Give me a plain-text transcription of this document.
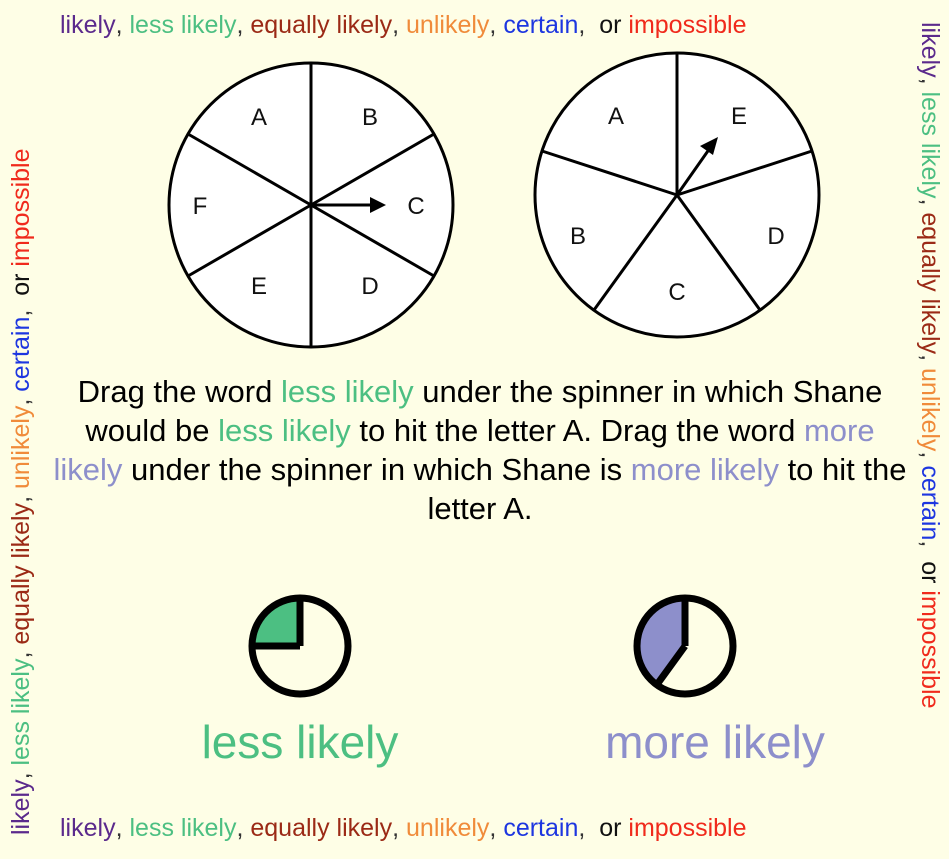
likely, less likely, equally likely, unlikely, certain,  or impossible
likely, less likely, equally likely, unlikely, certain,  or impossible
likely, less likely, equally likely, unlikely, certain,  or impossible
likely, less likely, equally likely, unlikely, certain,  or impossible
A	B
C
D
E
F
A	E
D
C
B
Drag the word less likely under the spinner in which Shane would be less likely to hit the letter A. Drag the word more likely under the spinner in which Shane is more likely to hit the letter A.
less likely	more likely
